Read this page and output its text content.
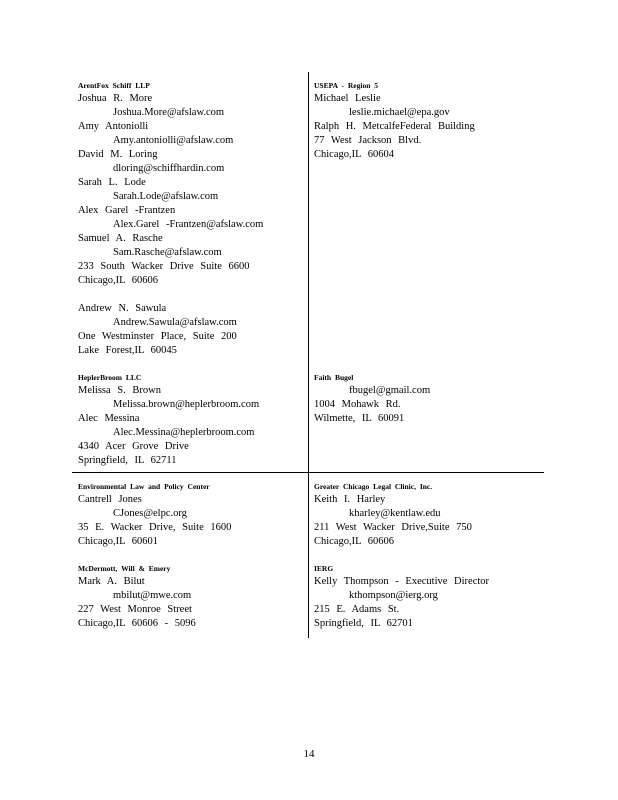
ArentFox Schiff LLP
Joshua R. More
Joshua.More@afslaw.com
Amy Antoniolli
Amy.antoniolli@afslaw.com
David M. Loring
dloring@schiffhardin.com
Sarah L. Lode
Sarah.Lode@afslaw.com
Alex Garel -Frantzen
Alex.Garel -Frantzen@afslaw.com
Samuel A. Rasche
Sam.Rasche@afslaw.com
233 South Wacker Drive Suite 6600
Chicago,IL 60606
Andrew N. Sawula
Andrew.Sawula@afslaw.com
One Westminster Place, Suite 200
Lake Forest,IL 60045
USEPA - Region 5
Michael Leslie
leslie.michael@epa.gov
Ralph H. MetcalfeFederal Building
77 West Jackson Blvd.
Chicago,IL 60604
HeplerBroom LLC
Melissa S. Brown
Melissa.brown@heplerbroom.com
Alec Messina
Alec.Messina@heplerbroom.com
4340 Acer Grove Drive
Springfield, IL 62711
Faith Bugel
fbugel@gmail.com
1004 Mohawk Rd.
Wilmette, IL 60091
Environmental Law and Policy Center
Cantrell Jones
CJones@elpc.org
35 E. Wacker Drive, Suite 1600
Chicago,IL 60601
Greater Chicago Legal Clinic, Inc.
Keith I. Harley
kharley@kentlaw.edu
211 West Wacker Drive,Suite 750
Chicago,IL 60606
McDermott, Will & Emery
Mark A. Bilut
mbilut@mwe.com
227 West Monroe Street
Chicago,IL 60606 - 5096
IERG
Kelly Thompson - Executive Director
kthompson@ierg.org
215 E. Adams St.
Springfield, IL 62701
14
